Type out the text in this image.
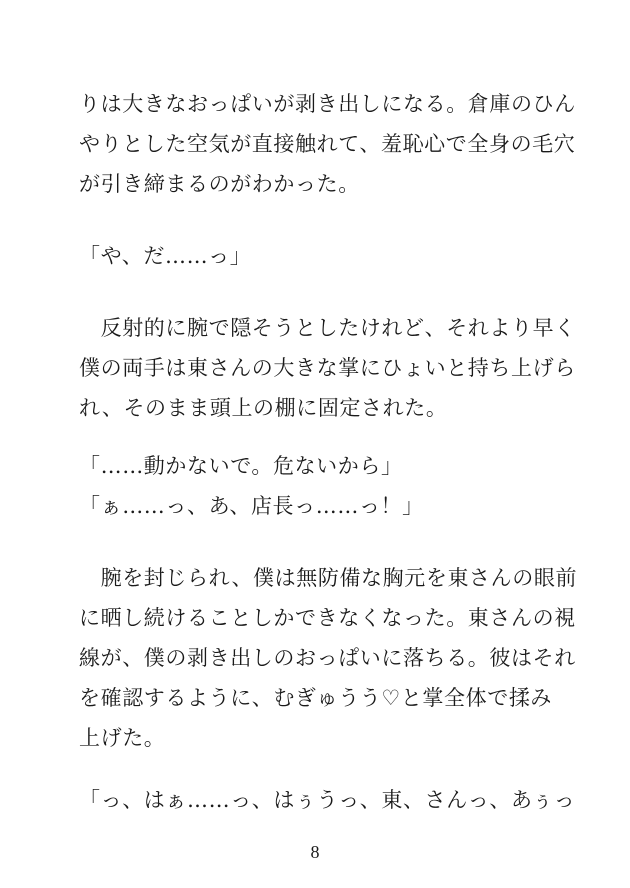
りは大きなおっぱいが剥き出しになる。倉庫のひん
やりとした空気が直接触れて、羞恥心で全身の毛穴
が引き締まるのがわかった。
「や、だ……っ」
　反射的に腕で隠そうとしたけれど、それより早く
僕の両手は東さんの大きな掌にひょいと持ち上げら
れ、そのまま頭上の棚に固定された。
「……動かないで。危ないから」
「ぁ……っ、あ、店長っ……っ！」
　腕を封じられ、僕は無防備な胸元を東さんの眼前
に晒し続けることしかできなくなった。東さんの視
線が、僕の剥き出しのおっぱいに落ちる。彼はそれ
を確認するように、むぎゅうう♡と掌全体で揉み
上げた。
「っ、はぁ……っ、はぅうっ、東、さんっ、あぅっ
8
